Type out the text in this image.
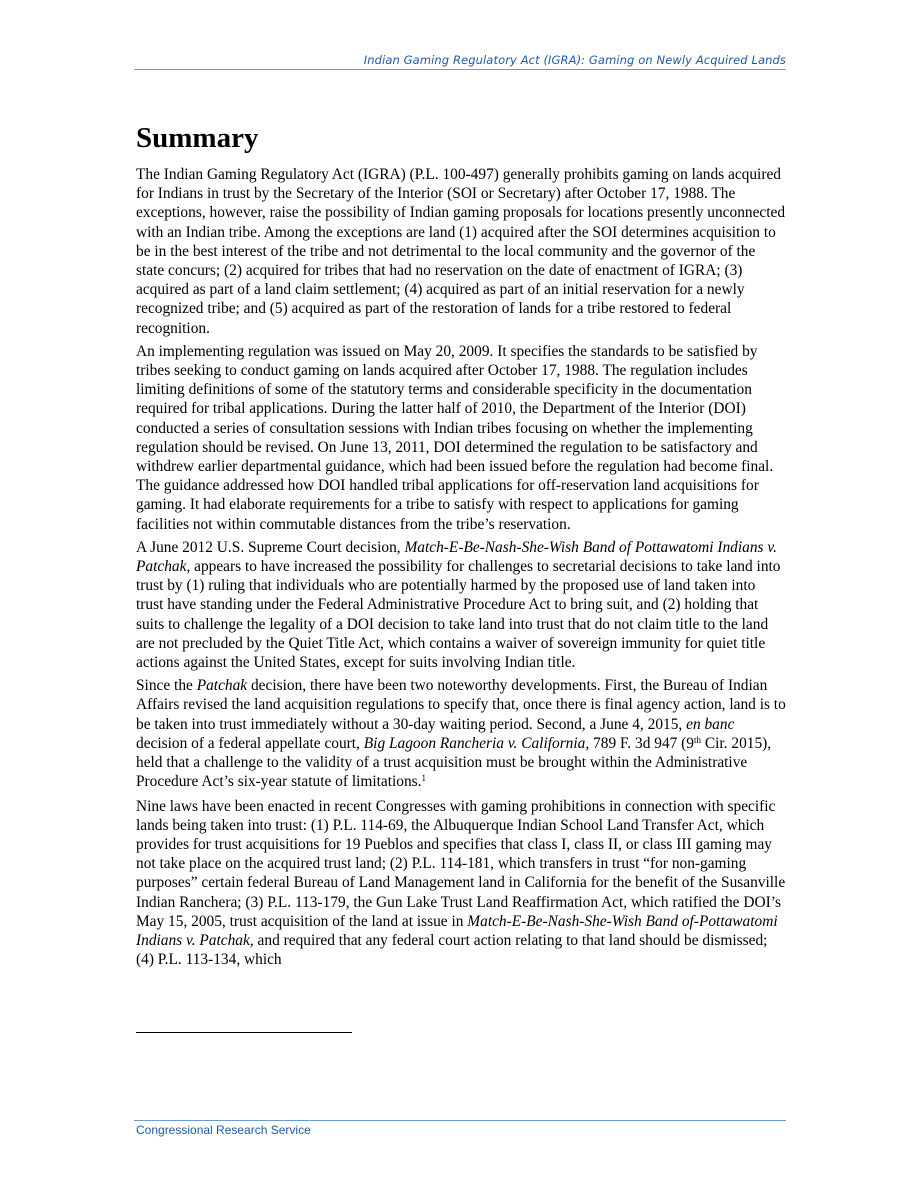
Indian Gaming Regulatory Act (IGRA): Gaming on Newly Acquired Lands
Summary

The Indian Gaming Regulatory Act (IGRA) (P.L. 100-497) generally prohibits gaming on lands acquired for Indians in trust by the Secretary of the Interior (SOI or Secretary) after October 17, 1988. The exceptions, however, raise the possibility of Indian gaming proposals for locations presently unconnected with an Indian tribe. Among the exceptions are land (1) acquired after the SOI determines acquisition to be in the best interest of the tribe and not detrimental to the local community and the governor of the state concurs; (2) acquired for tribes that had no reservation on the date of enactment of IGRA; (3) acquired as part of a land claim settlement; (4) acquired as part of an initial reservation for a newly recognized tribe; and (5) acquired as part of the restoration of lands for a tribe restored to federal recognition.

An implementing regulation was issued on May 20, 2009. It specifies the standards to be satisfied by tribes seeking to conduct gaming on lands acquired after October 17, 1988. The regulation includes limiting definitions of some of the statutory terms and considerable specificity in the documentation required for tribal applications. During the latter half of 2010, the Department of the Interior (DOI) conducted a series of consultation sessions with Indian tribes focusing on whether the implementing regulation should be revised. On June 13, 2011, DOI determined the regulation to be satisfactory and withdrew earlier departmental guidance, which had been issued before the regulation had become final. The guidance addressed how DOI handled tribal applications for off-reservation land acquisitions for gaming. It had elaborate requirements for a tribe to satisfy with respect to applications for gaming facilities not within commutable distances from the tribe’s reservation.

A June 2012 U.S. Supreme Court decision, Match-E-Be-Nash-She-Wish Band of Pottawatomi Indians v. Patchak, appears to have increased the possibility for challenges to secretarial decisions to take land into trust by (1) ruling that individuals who are potentially harmed by the proposed use of land taken into trust have standing under the Federal Administrative Procedure Act to bring suit, and (2) holding that suits to challenge the legality of a DOI decision to take land into trust that do not claim title to the land are not precluded by the Quiet Title Act, which contains a waiver of sovereign immunity for quiet title actions against the United States, except for suits involving Indian title.

Since the Patchak decision, there have been two noteworthy developments. First, the Bureau of Indian Affairs revised the land acquisition regulations to specify that, once there is final agency action, land is to be taken into trust immediately without a 30-day waiting period. Second, a June 4, 2015, en banc decision of a federal appellate court, Big Lagoon Rancheria v. California, 789 F. 3d 947 (9th Cir. 2015), held that a challenge to the validity of a trust acquisition must be brought within the Administrative Procedure Act’s six-year statute of limitations.$^1$

Nine laws have been enacted in recent Congresses with gaming prohibitions in connection with specific lands being taken into trust: (1) P.L. 114-69, the Albuquerque Indian School Land Transfer Act, which provides for trust acquisitions for 19 Pueblos and specifies that class I, class II, or class III gaming may not take place on the acquired trust land; (2) P.L. 114-181, which transfers in trust “for non-gaming purposes” certain federal Bureau of Land Management land in California for the benefit of the Susanville Indian Ranchera; (3) P.L. 113-179, the Gun Lake Trust Land Reaffirmation Act, which ratified the DOI’s May 15, 2005, trust acquisition of the land at issue in Match-E-Be-Nash-She-Wish Band of-Pottawatomi Indians v. Patchak, and required that any federal court action relating to that land should be dismissed; (4) P.L. 113-134, which

Congressional Research Service
